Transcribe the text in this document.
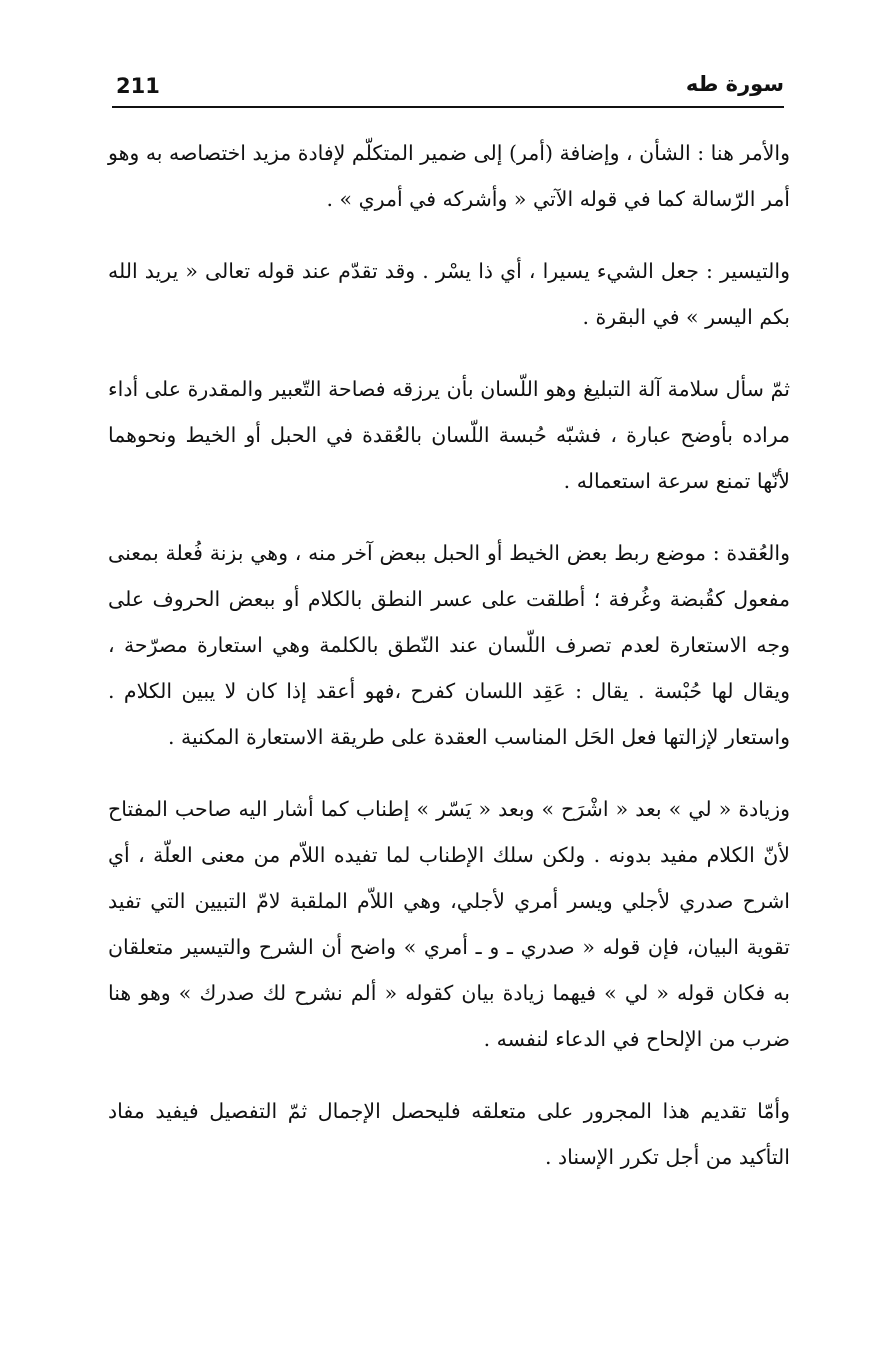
211	سورة طه

والأمر هنا : الشأن ، وإضافة (أمر) إلى ضمير المتكلّم لإفادة مزيد اختصاصه به وهو أمر الرّسالة كما في قوله الآتي « وأشركه في أمري » .

والتيسير : جعل الشيء يسيرا ، أي ذا يسْر . وقد تقدّم عند قوله تعالى « يريد الله بكم اليسر » في البقرة .

ثمّ سأل سلامة آلة التبليغ وهو اللّسان بأن يرزقه فصاحة التّعبير والمقدرة على أداء مراده بأوضح عبارة ، فشبّه حُبسة اللّسان بالعُقدة في الحبل أو الخيط ونحوهما لأنّها تمنع سرعة استعماله .

والعُقدة : موضع ربط بعض الخيط أو الحبل ببعض آخر منه ، وهي بزنة فُعلة بمعنى مفعول كقُبضة وغُرفة ؛ أطلقت على عسر النطق بالكلام أو ببعض الحروف على وجه الاستعارة لعدم تصرف اللّسان عند النّطق بالكلمة وهي استعارة مصرّحة ، ويقال لها حُبْسة . يقال : عَقِد اللسان كفرح ،فهو أعقد إذا كان لا يبين الكلام . واستعار لإزالتها فعل الحَل المناسب العقدة على طريقة الاستعارة المكنية .

وزيادة « لي » بعد « اشْرَح » وبعد « يَسّر » إطناب كما أشار اليه صاحب المفتاح لأنّ الكلام مفيد بدونه . ولكن سلك الإطناب لما تفيده اللاّم من معنى العلّة ، أي اشرح صدري لأجلي ويسر أمري لأجلي، وهي اللاّم الملقبة لامّ التبيين التي تفيد تقوية البيان، فإن قوله « صدري ـ و ـ أمري » واضح أن الشرح والتيسير متعلقان به فكان قوله « لي » فيهما زيادة بيان كقوله « ألم نشرح لك صدرك » وهو هنا ضرب من الإلحاح في الدعاء لنفسه .

وأمّا تقديم هذا المجرور على متعلقه فليحصل الإجمال ثمّ التفصيل فيفيد مفاد التأكيد من أجل تكرر الإسناد .
